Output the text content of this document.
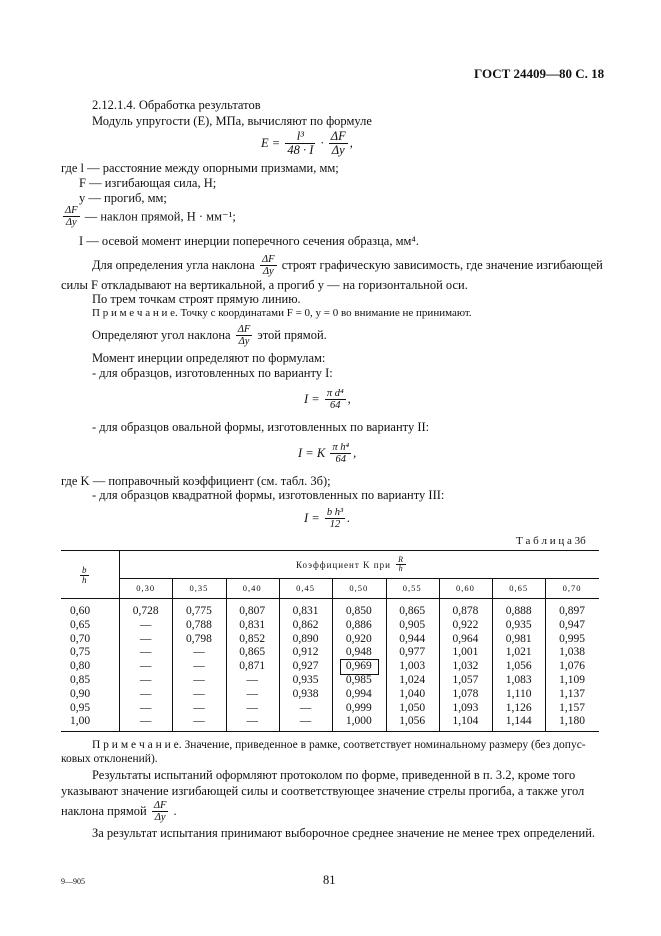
ГОСТ 24409—80 С. 18
2.12.1.4. Обработка результатов
Модуль упругости (E), МПа, вычисляют по формуле
$E = \frac{\text{l³}}{48 \cdot I} \cdot \frac{\Delta F}{\Delta y}$ ,
где l — расстояние между опорными призмами, мм;
F — изгибающая сила, Н;
y — прогиб, мм;
$\frac{\Delta F}{\Delta y}$ — наклон прямой, Н · мм⁻¹;
I — осевой момент инерции поперечного сечения образца, мм⁴.
Для определения угла наклона $\frac{\Delta F}{\Delta y}$ строят графическую зависимость, где значение изгибающей
силы F откладывают на вертикальной, а прогиб y — на горизонтальной оси.
По трем точкам строят прямую линию.
П р и м е ч а н и е. Точку с координатами F = 0, y = 0 во внимание не принимают.
Определяют угол наклона $\frac{\Delta F}{\Delta y}$ этой прямой.
Момент инерции определяют по формулам:
- для образцов, изготовленных по варианту I:
$I = \frac{\text{π d⁴}}{64}$ ,
- для образцов овальной формы, изготовленных по варианту II:
I = K $\frac{\text{π h⁴}}{64}$ ,
где K — поправочный коэффициент (см. табл. 3б);
- для образцов квадратной формы, изготовленных по варианту III:
$I = \frac{\text{b h³}}{12}$ .
Т а б л и ц а 3б
$\frac{b}{h}$
Коэффициент K при $\frac{R}{h}$
0,30	0,35	0,40	0,45	0,50	0,55	0,60	0,65	0,70
0,60	0,728	0,775	0,807	0,831	0,850	0,865	0,878	0,888	0,897
0,65	—	0,788	0,831	0,862	0,886	0,905	0,922	0,935	0,947
0,70	—	0,798	0,852	0,890	0,920	0,944	0,964	0,981	0,995
0,75	—	—	0,865	0,912	0,948	0,977	1,001	1,021	1,038
0,80	—	—	0,871	0,927	0,969	1,003	1,032	1,056	1,076
0,85	—	—	—	0,935	0,985	1,024	1,057	1,083	1,109
0,90	—	—	—	0,938	0,994	1,040	1,078	1,110	1,137
0,95	—	—	—	—	0,999	1,050	1,093	1,126	1,157
1,00	—	—	—	—	1,000	1,056	1,104	1,144	1,180
П р и м е ч а н и е. Значение, приведенное в рамке, соответствует номинальному размеру (без допус-
ковых отклонений).
Результаты испытаний оформляют протоколом по форме, приведенной в п. 3.2, кроме того
указывают значение изгибающей силы и соответствующее значение стрелы прогиба, а также угол
наклона прямой $\frac{\Delta F}{\Delta y}$ .
За результат испытания принимают выборочное среднее значение не менее трех определений.
9—905	81
